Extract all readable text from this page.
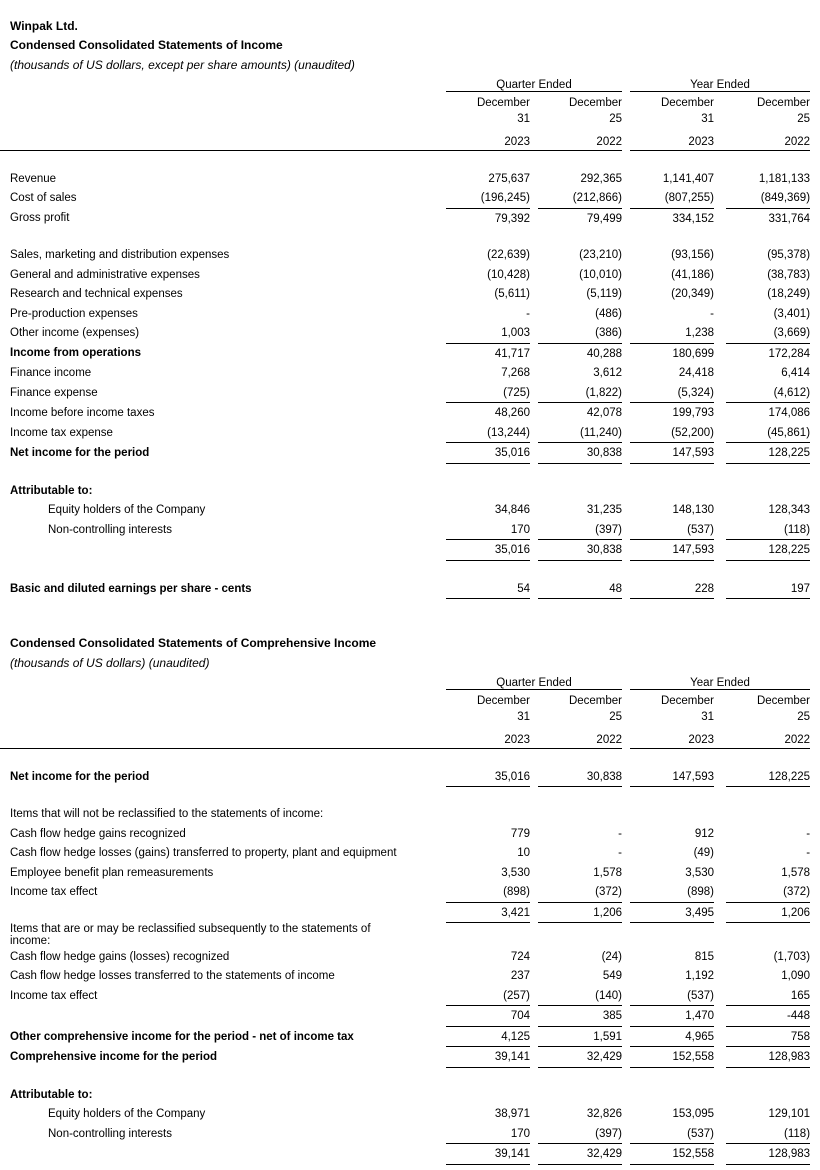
Winpak Ltd.
Condensed Consolidated Statements of Income
(thousands of US dollars, except per share amounts) (unaudited)
		Quarter Ended				Year Ended		
		December		December		December		December
		31		25		31		25
		2023		2022		2023		2022

Revenue		275,637		292,365		1,141,407		1,181,133
Cost of sales		(196,245)		(212,866)		(807,255)		(849,369)
Gross profit		79,392		79,499		334,152		331,764

Sales, marketing and distribution expenses		(22,639)		(23,210)		(93,156)		(95,378)
General and administrative expenses		(10,428)		(10,010)		(41,186)		(38,783)
Research and technical expenses		(5,611)		(5,119)		(20,349)		(18,249)
Pre-production expenses		-		(486)		-		(3,401)
Other income (expenses)		1,003		(386)		1,238		(3,669)
Income from operations		41,717		40,288		180,699		172,284
Finance income		7,268		3,612		24,418		6,414
Finance expense		(725)		(1,822)		(5,324)		(4,612)
Income before income taxes		48,260		42,078		199,793		174,086
Income tax expense		(13,244)		(11,240)		(52,200)		(45,861)
Net income for the period		35,016		30,838		147,593		128,225

Attributable to:								
Equity holders of the Company		34,846		31,235		148,130		128,343
Non-controlling interests		170		(397)		(537)		(118)
		35,016		30,838		147,593		128,225

Basic and diluted earnings per share - cents		54		48		228		197
Condensed Consolidated Statements of Comprehensive Income
(thousands of US dollars) (unaudited)
		Quarter Ended				Year Ended		
		December		December		December		December
		31		25		31		25
		2023		2022		2023		2022

Net income for the period		35,016		30,838		147,593		128,225

Items that will not be reclassified to the statements of income:								
Cash flow hedge gains recognized		779		-		912		-
Cash flow hedge losses (gains) transferred to property, plant and equipment		10		-		(49)		-
Employee benefit plan remeasurements		3,530		1,578		3,530		1,578
Income tax effect		(898)		(372)		(898)		(372)
		3,421		1,206		3,495		1,206
Items that are or may be reclassified subsequently to the statements of
income:								
Cash flow hedge gains (losses) recognized		724		(24)		815		(1,703)
Cash flow hedge losses transferred to the statements of income		237		549		1,192		1,090
Income tax effect		(257)		(140)		(537)		165
		704		385		1,470		-448
Other comprehensive income for the period - net of income tax		4,125		1,591		4,965		758
Comprehensive income for the period		39,141		32,429		152,558		128,983

Attributable to:								
Equity holders of the Company		38,971		32,826		153,095		129,101
Non-controlling interests		170		(397)		(537)		(118)
		39,141		32,429		152,558		128,983
